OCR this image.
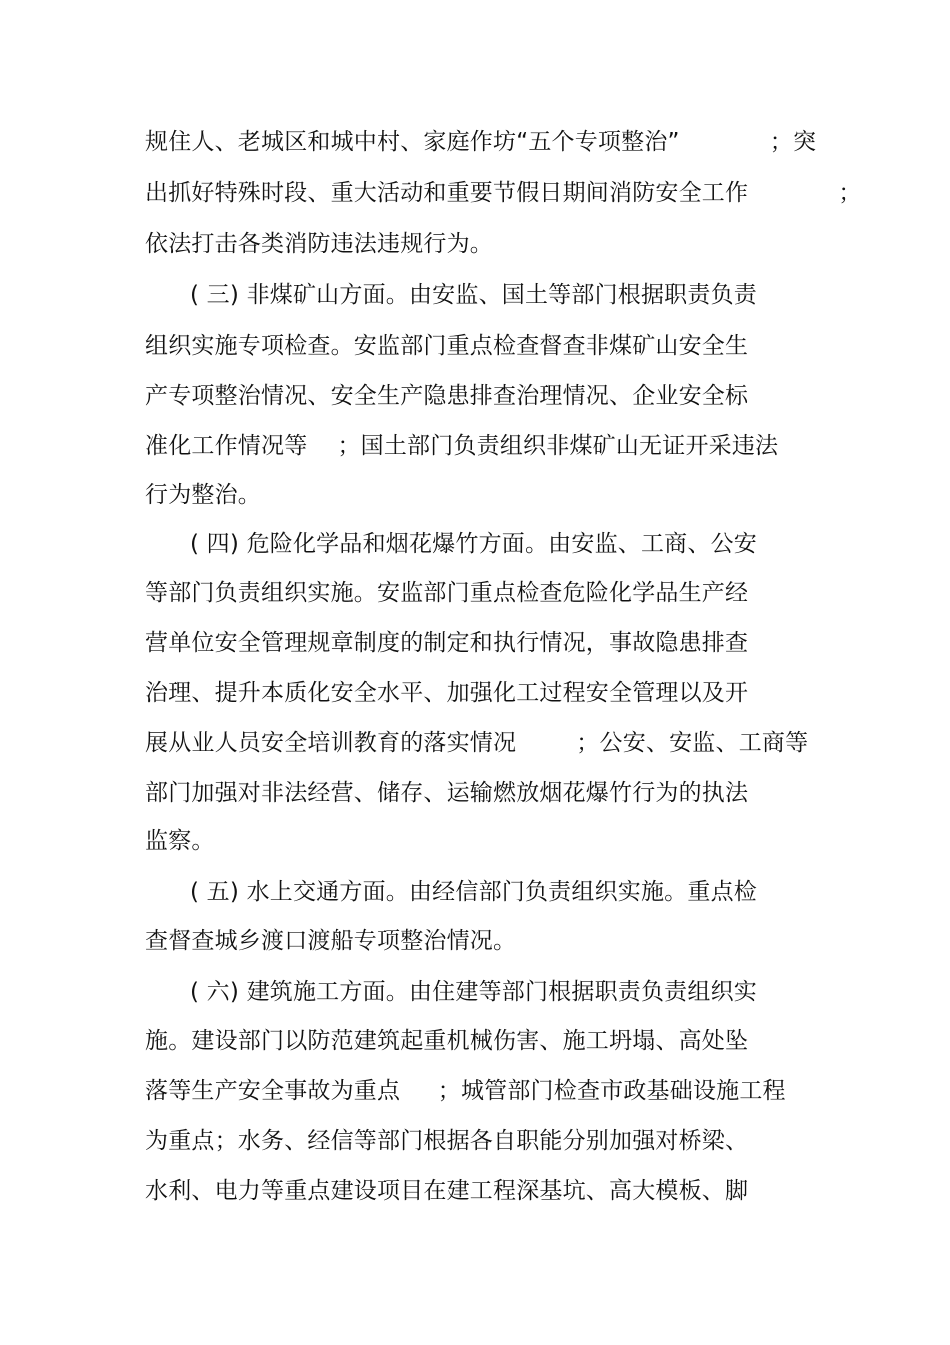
规住人、老城区和城中村、家庭作坊“五个专项整治”            ；突
出抓好特殊时段、重大活动和重要节假日期间消防安全工作            ；
依法打击各类消防违法违规行为。
( 三) 非煤矿山方面。由安监、国土等部门根据职责负责
组织实施专项检查。安监部门重点检查督查非煤矿山安全生
产专项整治情况、安全生产隐患排查治理情况、企业安全标
准化工作情况等    ；国土部门负责组织非煤矿山无证开采违法
行为整治。
( 四) 危险化学品和烟花爆竹方面。由安监、工商、公安
等部门负责组织实施。安监部门重点检查危险化学品生产经
营单位安全管理规章制度的制定和执行情况，事故隐患排查
治理、提升本质化安全水平、加强化工过程安全管理以及开
展从业人员安全培训教育的落实情况        ；公安、安监、工商等
部门加强对非法经营、储存、运输燃放烟花爆竹行为的执法
监察。
( 五) 水上交通方面。由经信部门负责组织实施。重点检
查督查城乡渡口渡船专项整治情况。
( 六) 建筑施工方面。由住建等部门根据职责负责组织实
施。建设部门以防范建筑起重机械伤害、施工坍塌、高处坠
落等生产安全事故为重点     ；城管部门检查市政基础设施工程
为重点；水务、经信等部门根据各自职能分别加强对桥梁、
水利、电力等重点建设项目在建工程深基坑、高大模板、脚
